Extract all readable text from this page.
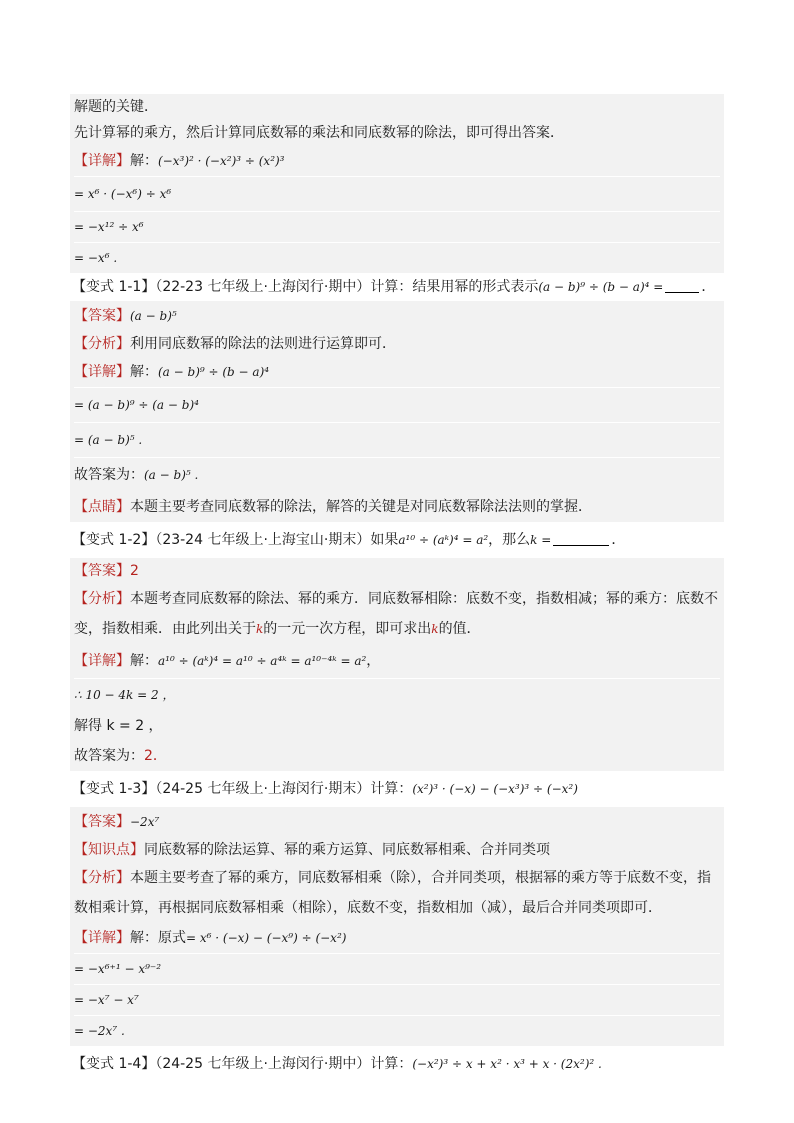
解题的关键．
先计算幂的乘方，然后计算同底数幂的乘法和同底数幂的除法，即可得出答案．
【详解】解：(−x³)² · (−x²)³ ÷ (x²)³
= x⁶ · (−x⁶) ÷ x⁶
= −x¹² ÷ x⁶
= −x⁶ .
【变式 1-1】（22-23 七年级上·上海闵行·期中）计算：结果用幂的形式表示(a − b)⁹ ÷ (b − a)⁴ =	．
【答案】(a − b)⁵
【分析】利用同底数幂的除法的法则进行运算即可．
【详解】解：(a − b)⁹ ÷ (b − a)⁴
= (a − b)⁹ ÷ (a − b)⁴
= (a − b)⁵ .
故答案为：(a − b)⁵ .
【点睛】本题主要考查同底数幂的除法，解答的关键是对同底数幂除法法则的掌握．
【变式 1-2】（23-24 七年级上·上海宝山·期末）如果a¹⁰ ÷ (aᵏ)⁴ = a²，那么k =	．
【答案】2
【分析】本题考查同底数幂的除法、幂的乘方．同底数幂相除：底数不变，指数相减；幂的乘方：底数不
变，指数相乘．由此列出关于k的一元一次方程，即可求出k的值．
【详解】解：a¹⁰ ÷ (aᵏ)⁴ = a¹⁰ ÷ a⁴ᵏ = a¹⁰⁻⁴ᵏ = a²，
∴ 10 − 4k = 2 ，
解得 k = 2 ，
故答案为：2．
【变式 1-3】（24-25 七年级上·上海闵行·期末）计算：(x²)³ · (−x) − (−x³)³ ÷ (−x²)
【答案】−2x⁷
【知识点】同底数幂的除法运算、幂的乘方运算、同底数幂相乘、合并同类项
【分析】本题主要考查了幂的乘方，同底数幂相乘（除），合并同类项，根据幂的乘方等于底数不变，指
数相乘计算，再根据同底数幂相乘（相除），底数不变，指数相加（减），最后合并同类项即可．
【详解】解：原式= x⁶ · (−x) − (−x⁹) ÷ (−x²)
= −x⁶⁺¹ − x⁹⁻²
= −x⁷ − x⁷
= −2x⁷ .
【变式 1-4】（24-25 七年级上·上海闵行·期中）计算：(−x²)³ ÷ x + x² · x³ + x · (2x²)² .
